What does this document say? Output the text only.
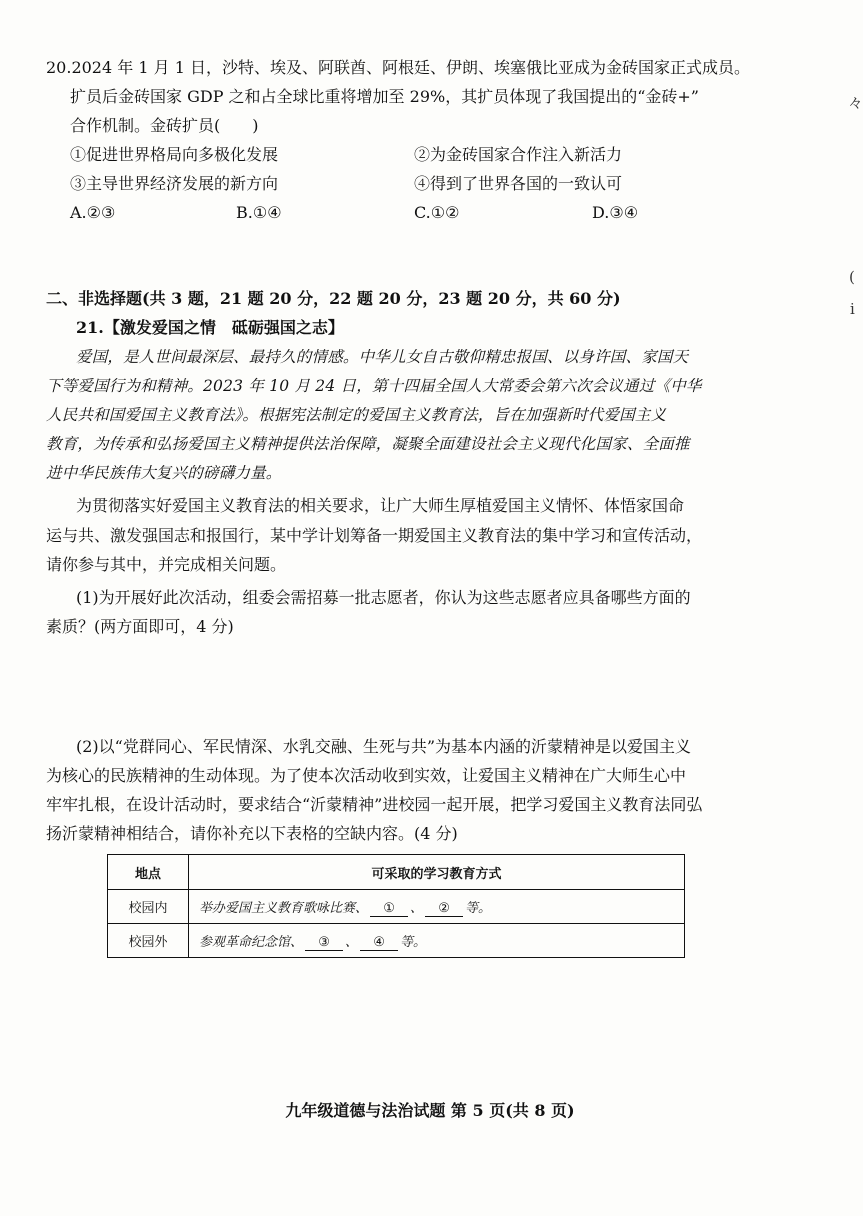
20.2024 年 1 月 1 日，沙特、埃及、阿联酋、阿根廷、伊朗、埃塞俄比亚成为金砖国家正式成员。
扩员后金砖国家 GDP 之和占全球比重将增加至 29%，其扩员体现了我国提出的“金砖+”
合作机制。金砖扩员(　　)
①促进世界格局向多极化发展	②为金砖国家合作注入新活力
③主导世界经济发展的新方向	④得到了世界各国的一致认可
A.②③	B.①④	C.①②	D.③④
々
(
i
二、非选择题(共 3 题，21 题 20 分，22 题 20 分，23 题 20 分，共 60 分)
21.【激发爱国之情　砥砺强国之志】
爱国，是人世间最深层、最持久的情感。中华儿女自古敬仰精忠报国、以身许国、家国天
下等爱国行为和精神。2023 年 10 月 24 日，第十四届全国人大常委会第六次会议通过《中华
人民共和国爱国主义教育法》。根据宪法制定的爱国主义教育法，旨在加强新时代爱国主义
教育，为传承和弘扬爱国主义精神提供法治保障，凝聚全面建设社会主义现代化国家、全面推
进中华民族伟大复兴的磅礴力量。
为贯彻落实好爱国主义教育法的相关要求，让广大师生厚植爱国主义情怀、体悟家国命
运与共、激发强国志和报国行，某中学计划筹备一期爱国主义教育法的集中学习和宣传活动，
请你参与其中，并完成相关问题。
(1)为开展好此次活动，组委会需招募一批志愿者，你认为这些志愿者应具备哪些方面的
素质？(两方面即可，4 分)
(2)以“党群同心、军民情深、水乳交融、生死与共”为基本内涵的沂蒙精神是以爱国主义
为核心的民族精神的生动体现。为了使本次活动收到实效，让爱国主义精神在广大师生心中
牢牢扎根，在设计活动时，要求结合“沂蒙精神”进校园一起开展，把学习爱国主义教育法同弘
扬沂蒙精神相结合，请你补充以下表格的空缺内容。(4 分)
地点	可采取的学习教育方式
校园内	举办爱国主义教育歌咏比赛、 ① 、 ② 等。
校园外	参观革命纪念馆、 ③ 、 ④ 等。
九年级道德与法治试题 第 5 页(共 8 页)
